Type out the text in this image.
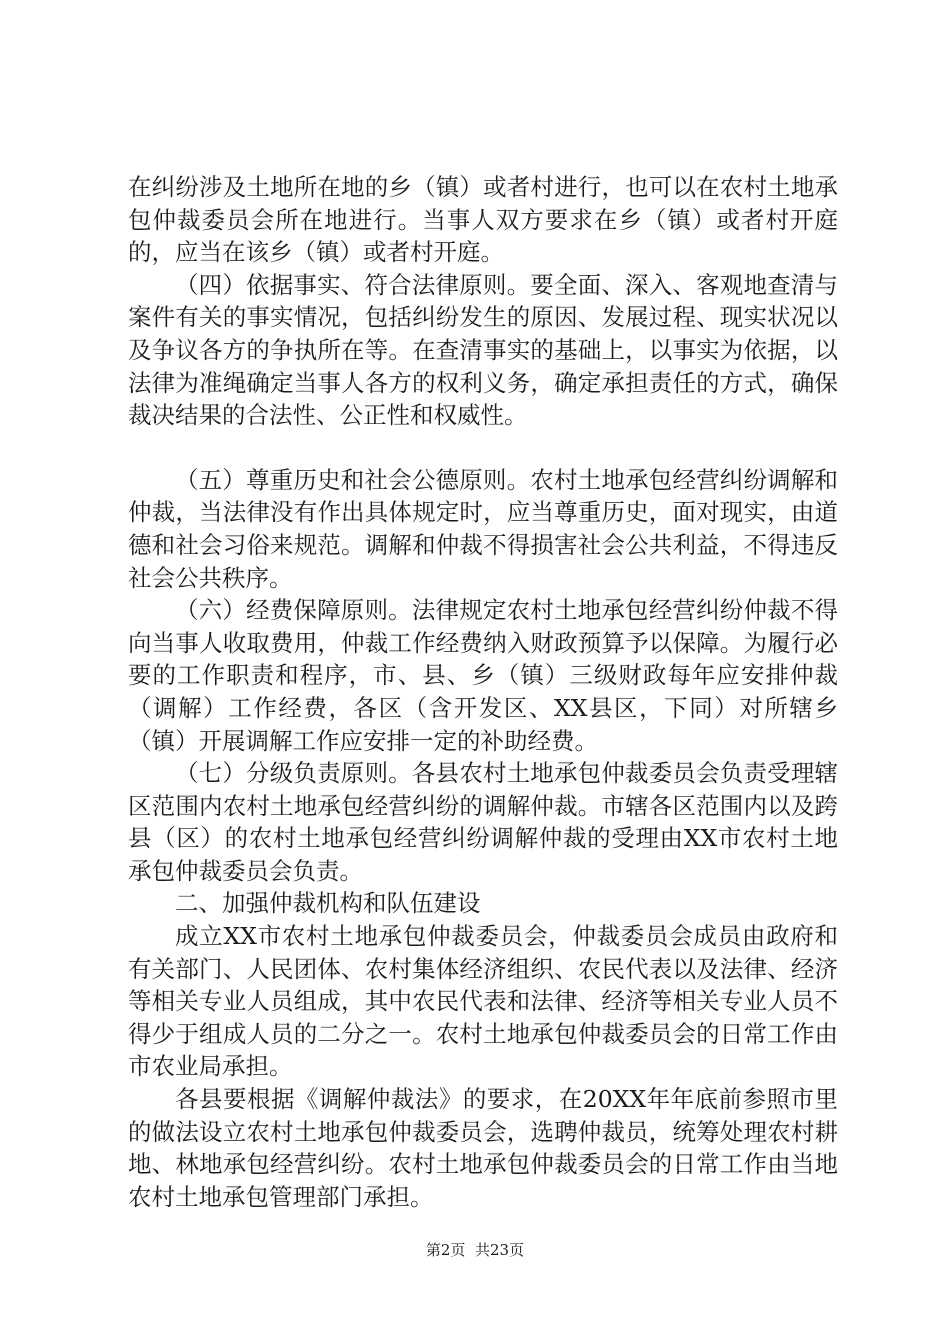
在纠纷涉及土地所在地的乡（镇）或者村进行，也可以在农村土地承包仲裁委员会所在地进行。当事人双方要求在乡（镇）或者村开庭的，应当在该乡（镇）或者村开庭。

（四）依据事实、符合法律原则。要全面、深入、客观地查清与案件有关的事实情况，包括纠纷发生的原因、发展过程、现实状况以及争议各方的争执所在等。在查清事实的基础上，以事实为依据，以法律为准绳确定当事人各方的权利义务，确定承担责任的方式，确保裁决结果的合法性、公正性和权威性。

（五）尊重历史和社会公德原则。农村土地承包经营纠纷调解和仲裁，当法律没有作出具体规定时，应当尊重历史，面对现实，由道德和社会习俗来规范。调解和仲裁不得损害社会公共利益，不得违反社会公共秩序。

（六）经费保障原则。法律规定农村土地承包经营纠纷仲裁不得向当事人收取费用，仲裁工作经费纳入财政预算予以保障。为履行必要的工作职责和程序，市、县、乡（镇）三级财政每年应安排仲裁（调解）工作经费，各区（含开发区、XX县区，下同）对所辖乡（镇）开展调解工作应安排一定的补助经费。

（七）分级负责原则。各县农村土地承包仲裁委员会负责受理辖区范围内农村土地承包经营纠纷的调解仲裁。市辖各区范围内以及跨县（区）的农村土地承包经营纠纷调解仲裁的受理由XX市农村土地承包仲裁委员会负责。

二、加强仲裁机构和队伍建设

成立XX市农村土地承包仲裁委员会，仲裁委员会成员由政府和有关部门、人民团体、农村集体经济组织、农民代表以及法律、经济等相关专业人员组成，其中农民代表和法律、经济等相关专业人员不得少于组成人员的二分之一。农村土地承包仲裁委员会的日常工作由市农业局承担。

各县要根据《调解仲裁法》的要求，在20XX年年底前参照市里的做法设立农村土地承包仲裁委员会，选聘仲裁员，统筹处理农村耕地、林地承包经营纠纷。农村土地承包仲裁委员会的日常工作由当地农村土地承包管理部门承担。

第2页  共23页
